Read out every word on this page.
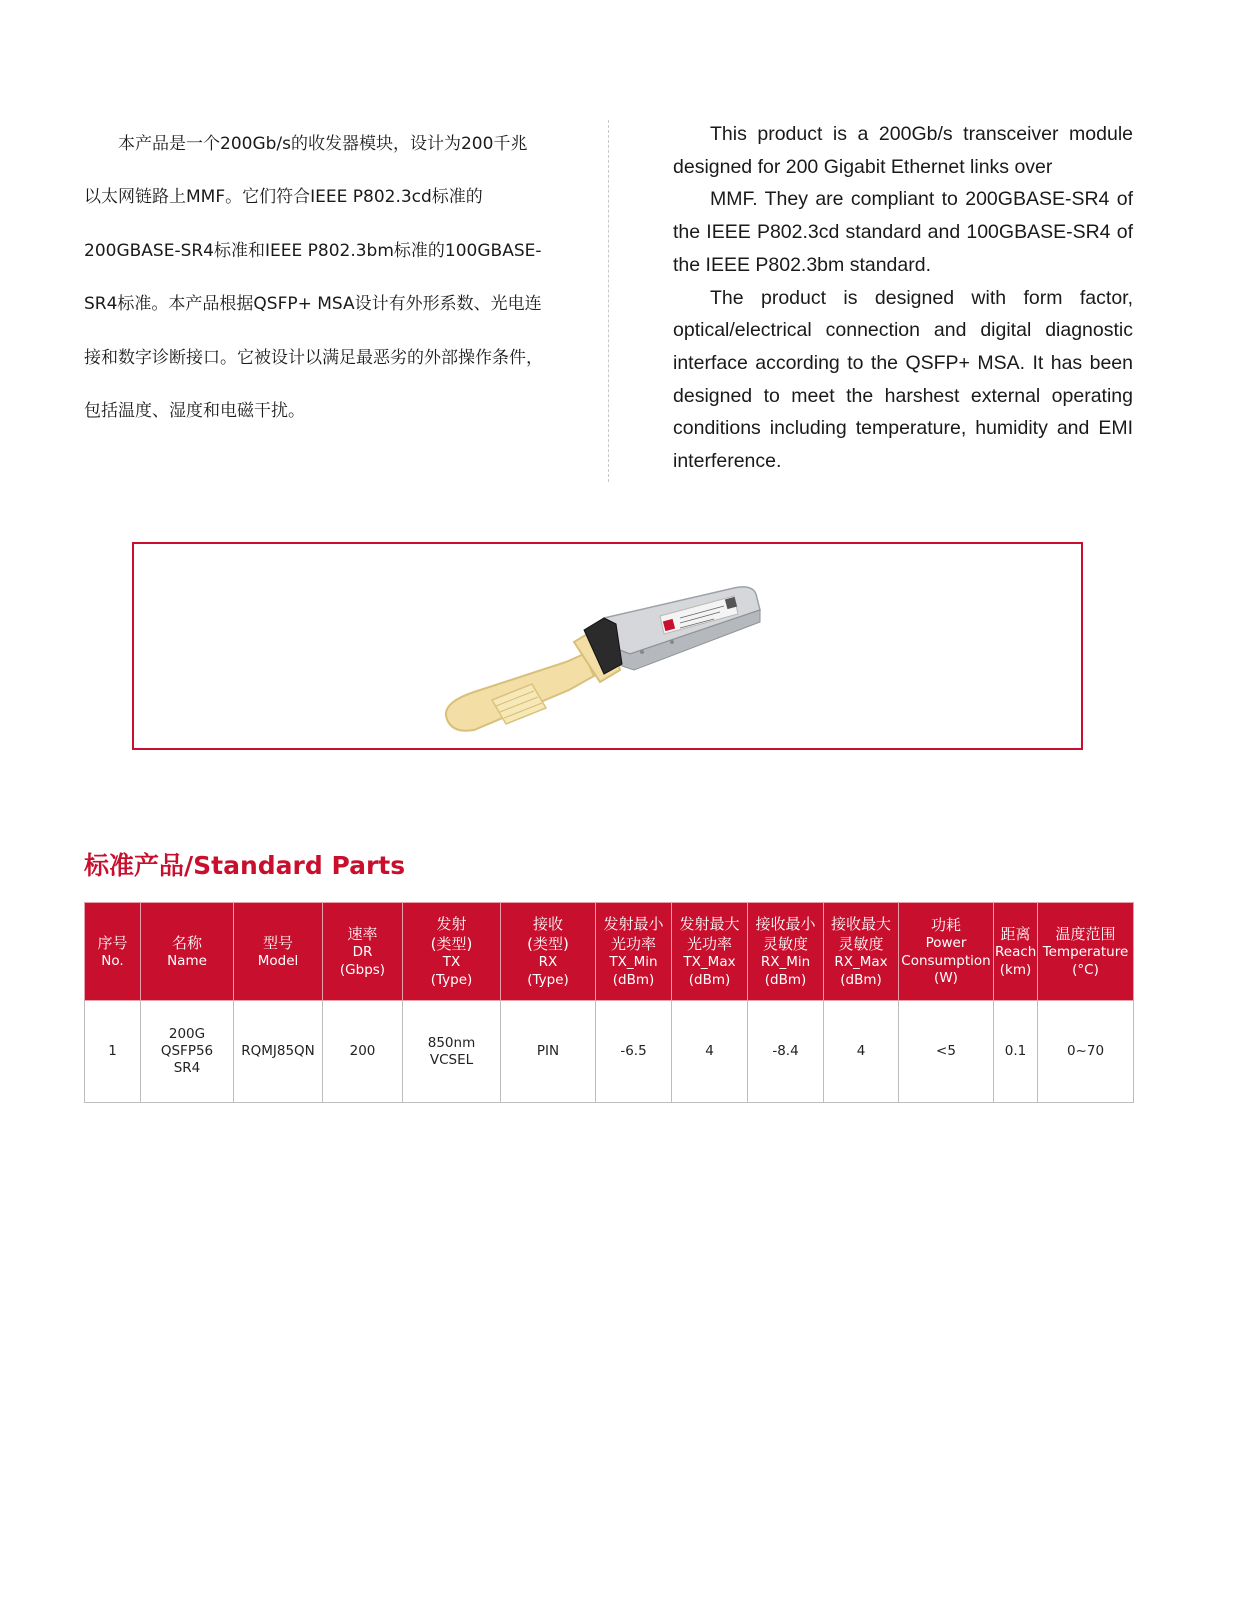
本产品是一个200Gb/s的收发器模块，设计为200千兆以太网链路上MMF。它们符合IEEE P802.3cd标准的200GBASE-SR4标准和IEEE P802.3bm标准的100GBASE-SR4标准。本产品根据QSFP+ MSA设计有外形系数、光电连接和数字诊断接口。它被设计以满足最恶劣的外部操作条件，包括温度、湿度和电磁干扰。

This product is a 200Gb/s transceiver module designed for 200 Gigabit Ethernet links over

MMF. They are compliant to 200GBASE-SR4 of the IEEE P802.3cd standard and 100GBASE-SR4 of the IEEE P802.3bm standard.

The product is designed with form factor, optical/electrical connection and digital diagnostic interface according to the QSFP+ MSA. It has been designed to meet the harshest external operating conditions including temperature, humidity and EMI interference.

标准产品/Standard Parts
序号
No.	名称
Name	型号
Model	速率
DR
(Gbps)	发射
(类型)
TX
(Type)	接收
(类型)
RX
(Type)	发射最小
光功率
TX_Min
(dBm)	发射最大
光功率
TX_Max
(dBm)	接收最小
灵敏度
RX_Min
(dBm)	接收最大
灵敏度
RX_Max
(dBm)	功耗
Power
Consumption
(W)	距离
Reach
(km)	温度范围
Temperature
(°C)

1	200G
QSFP56
SR4	RQMJ85QN	200	850nm
VCSEL	PIN	-6.5	4	-8.4	4	<5	0.1	0~70
